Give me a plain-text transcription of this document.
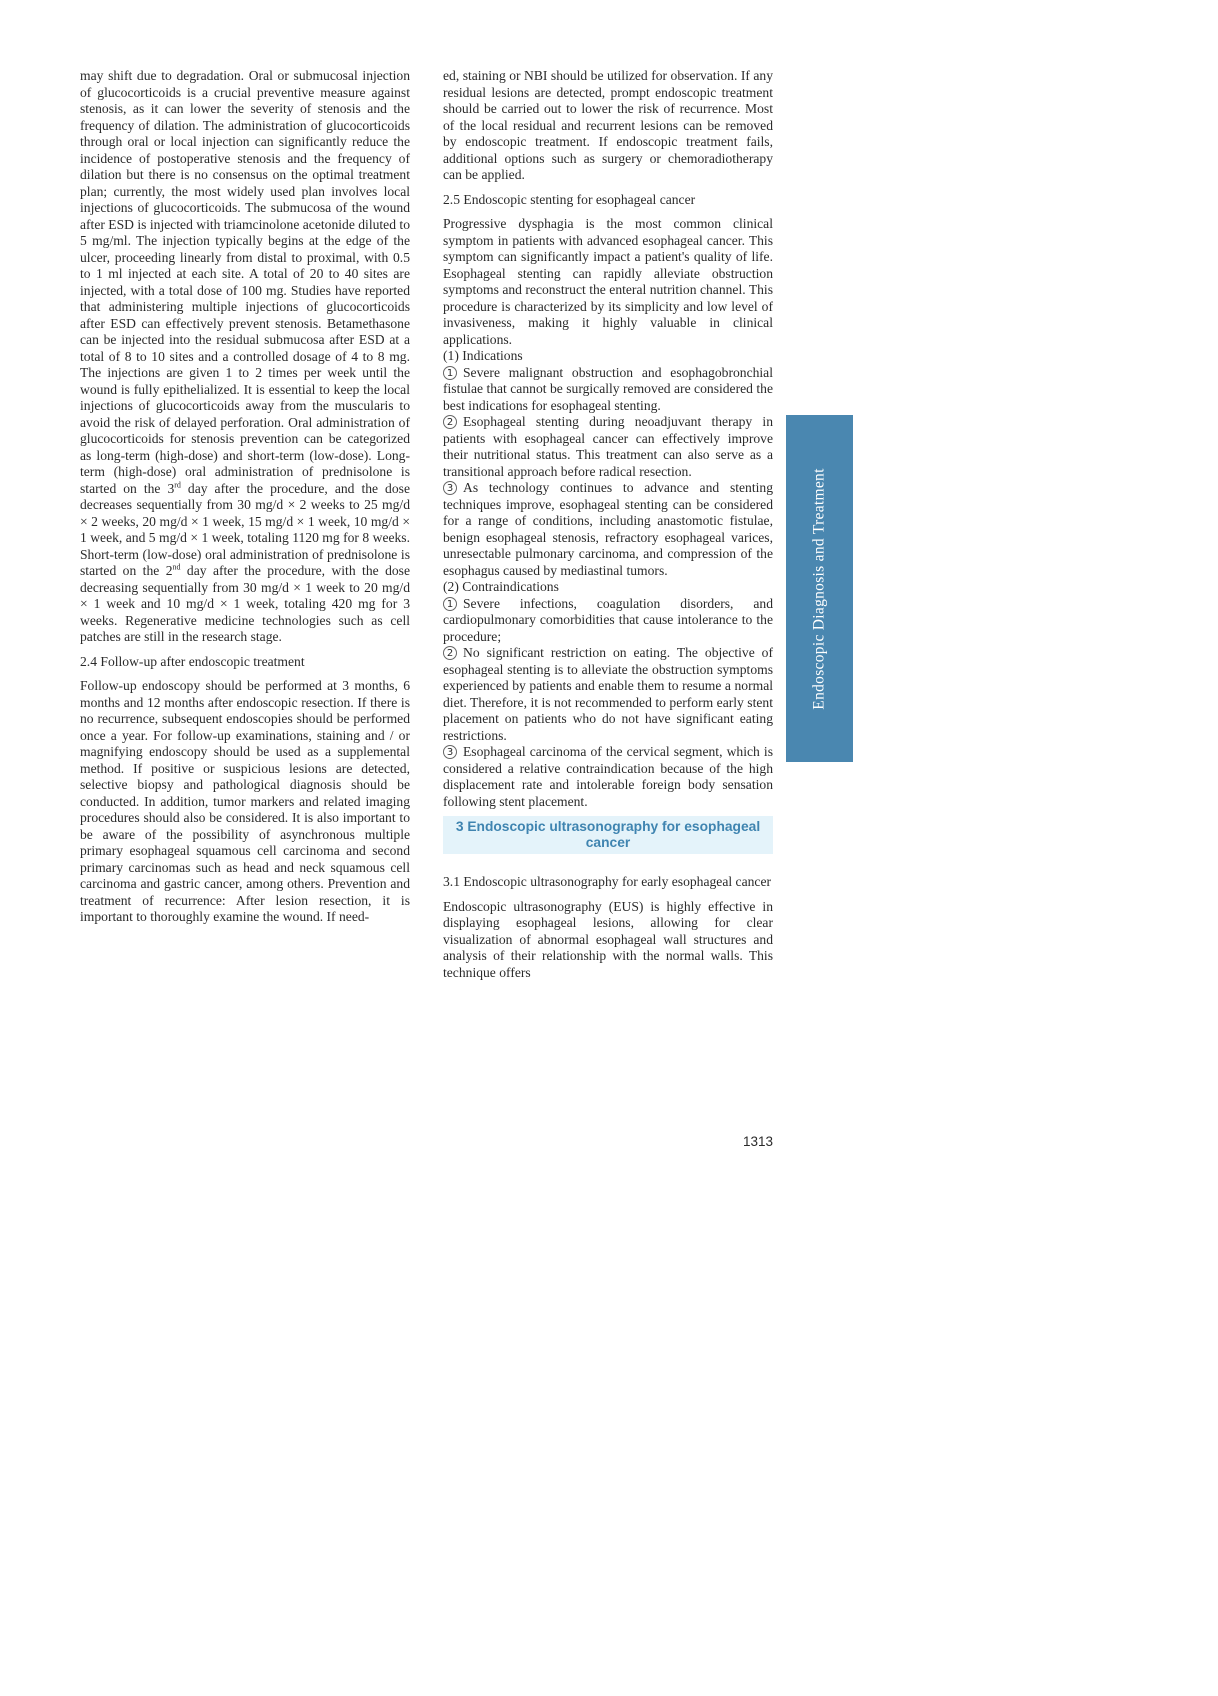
may shift due to degradation. Oral or submucosal injection of glucocorticoids is a crucial preventive measure against stenosis, as it can lower the severity of stenosis and the frequency of dilation. The administration of glucocorticoids through oral or local injection can significantly reduce the incidence of postoperative stenosis and the frequency of dilation but there is no consensus on the optimal treatment plan; currently, the most widely used plan involves local injections of glucocorticoids. The submucosa of the wound after ESD is injected with triamcinolone acetonide diluted to 5 mg/ml. The injection typically begins at the edge of the ulcer, proceeding linearly from distal to proximal, with 0.5 to 1 ml injected at each site. A total of 20 to 40 sites are injected, with a total dose of 100 mg. Studies have reported that administering multiple injections of glucocorticoids after ESD can effectively prevent stenosis. Betamethasone can be injected into the residual submucosa after ESD at a total of 8 to 10 sites and a controlled dosage of 4 to 8 mg. The injections are given 1 to 2 times per week until the wound is fully epithelialized. It is essential to keep the local injections of glucocorticoids away from the muscularis to avoid the risk of delayed perforation. Oral administration of glucocorticoids for stenosis prevention can be categorized as long-term (high-dose) and short-term (low-dose). Long-term (high-dose) oral administration of prednisolone is started on the 3rd day after the procedure, and the dose decreases sequentially from 30 mg/d × 2 weeks to 25 mg/d × 2 weeks, 20 mg/d × 1 week, 15 mg/d × 1 week, 10 mg/d × 1 week, and 5 mg/d × 1 week, totaling 1120 mg for 8 weeks. Short-term (low-dose) oral administration of prednisolone is started on the 2nd day after the procedure, with the dose decreasing sequentially from 30 mg/d × 1 week to 20 mg/d × 1 week and 10 mg/d × 1 week, totaling 420 mg for 3 weeks. Regenerative medicine technologies such as cell patches are still in the research stage.

2.4 Follow-up after endoscopic treatment

Follow-up endoscopy should be performed at 3 months, 6 months and 12 months after endoscopic resection. If there is no recurrence, subsequent endoscopies should be performed once a year. For follow-up examinations, staining and / or magnifying endoscopy should be used as a supplemental method. If positive or suspicious lesions are detected, selective biopsy and pathological diagnosis should be conducted. In addition, tumor markers and related imaging procedures should also be considered. It is also important to be aware of the possibility of asynchronous multiple primary esophageal squamous cell carcinoma and second primary carcinomas such as head and neck squamous cell carcinoma and gastric cancer, among others. Prevention and treatment of recurrence: After lesion resection, it is important to thoroughly examine the wound. If need-

ed, staining or NBI should be utilized for observation. If any residual lesions are detected, prompt endoscopic treatment should be carried out to lower the risk of recurrence. Most of the local residual and recurrent lesions can be removed by endoscopic treatment. If endoscopic treatment fails, additional options such as surgery or chemoradiotherapy can be applied.

2.5 Endoscopic stenting for esophageal cancer

Progressive dysphagia is the most common clinical symptom in patients with advanced esophageal cancer. This symptom can significantly impact a patient's quality of life. Esophageal stenting can rapidly alleviate obstruction symptoms and reconstruct the enteral nutrition channel. This procedure is characterized by its simplicity and low level of invasiveness, making it highly valuable in clinical applications.

(1) Indications

1 Severe malignant obstruction and esophagobronchial fistulae that cannot be surgically removed are considered the best indications for esophageal stenting.

2 Esophageal stenting during neoadjuvant therapy in patients with esophageal cancer can effectively improve their nutritional status. This treatment can also serve as a transitional approach before radical resection.

3 As technology continues to advance and stenting techniques improve, esophageal stenting can be considered for a range of conditions, including anastomotic fistulae, benign esophageal stenosis, refractory esophageal varices, unresectable pulmonary carcinoma, and compression of the esophagus caused by mediastinal tumors.

(2) Contraindications

1 Severe infections, coagulation disorders, and cardiopulmonary comorbidities that cause intolerance to the procedure;

2 No significant restriction on eating. The objective of esophageal stenting is to alleviate the obstruction symptoms experienced by patients and enable them to resume a normal diet. Therefore, it is not recommended to perform early stent placement on patients who do not have significant eating restrictions.

3 Esophageal carcinoma of the cervical segment, which is considered a relative contraindication because of the high displacement rate and intolerable foreign body sensation following stent placement.

3 Endoscopic ultrasonography for esophageal cancer
3.1 Endoscopic ultrasonography for early esophageal cancer

Endoscopic ultrasonography (EUS) is highly effective in displaying esophageal lesions, allowing for clear visualization of abnormal esophageal wall structures and analysis of their relationship with the normal walls. This technique offers

Endoscopic Diagnosis and Treatment
1313
